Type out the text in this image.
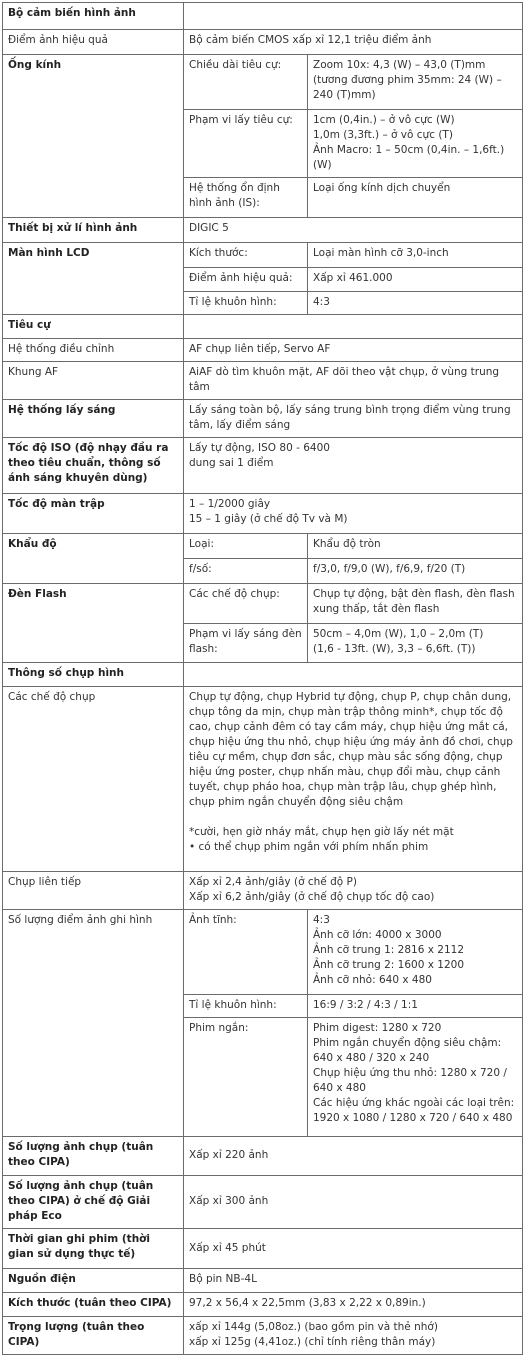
Bộ cảm biến hình ảnh		
Điểm ảnh hiệu quả	Bộ cảm biến CMOS xấp xỉ 12,1 triệu điểm ảnh	
Ống kính	Chiều dài tiêu cự:	Zoom 10x: 4,3 (W) – 43,0 (T)mm
(tương đương phim 35mm: 24 (W) – 240 (T)mm)
	Phạm vi lấy tiêu cự:	1cm (0,4in.) – ở vô cực (W)
1,0m (3,3ft.) – ở vô cực (T)
Ảnh Macro: 1 – 50cm (0,4in. – 1,6ft.) (W)
	Hệ thống ổn định hình ảnh (IS):	Loại ống kính dịch chuyển
Thiết bị xử lí hình ảnh	DIGIC 5	
Màn hình LCD	Kích thước:	Loại màn hình cỡ 3,0-inch
	Điểm ảnh hiệu quả:	Xấp xỉ 461.000
	Tỉ lệ khuôn hình:	4:3
Tiêu cự		
Hệ thống điều chỉnh	AF chụp liên tiếp, Servo AF	
Khung AF	AiAF dò tìm khuôn mặt, AF dõi theo vật chụp, ở vùng trung tâm	
Hệ thống lấy sáng	Lấy sáng toàn bộ, lấy sáng trung bình trọng điểm vùng trung tâm, lấy điểm sáng	
Tốc độ ISO (độ nhạy đầu ra theo tiêu chuẩn, thông số ánh sáng khuyên dùng)	Lấy tự động, ISO 80 - 6400
dung sai 1 điểm	
Tốc độ màn trập	1 – 1/2000 giây
15 – 1 giây (ở chế độ Tv và M)	
Khẩu độ	Loại:	Khẩu độ tròn
	f/số:	f/3,0, f/9,0 (W), f/6,9, f/20 (T)
Đèn Flash	Các chế độ chụp:	Chụp tự động, bật đèn flash, đèn flash xung thấp, tắt đèn flash
	Phạm vi lấy sáng đèn flash:	50cm – 4,0m (W), 1,0 – 2,0m (T)
(1,6 - 13ft. (W), 3,3 – 6,6ft. (T))
Thông số chụp hình		
Các chế độ chụp	Chụp tự động, chụp Hybrid tự động, chụp P, chụp chân dung, chụp tông da mịn, chụp màn trập thông minh*, chụp tốc độ cao, chụp cảnh đêm có tay cầm máy, chụp hiệu ứng mắt cá, chụp hiệu ứng thu nhỏ, chụp hiệu ứng máy ảnh đồ chơi, chụp tiêu cự mềm, chụp đơn sắc, chụp màu sắc sống động, chụp hiệu ứng poster, chụp nhấn màu, chụp đổi màu, chụp cảnh tuyết, chụp pháo hoa, chụp màn trập lâu, chụp ghép hình, chụp phim ngắn chuyển động siêu chậm

*cười, hẹn giờ nháy mắt, chụp hẹn giờ lấy nét mặt
• có thể chụp phim ngắn với phím nhấn phim	
Chụp liên tiếp	Xấp xỉ 2,4 ảnh/giây (ở chế độ P)
Xấp xỉ 6,2 ảnh/giây (ở chế độ chụp tốc độ cao)	
Số lượng điểm ảnh ghi hình	Ảnh tĩnh:	4:3
Ảnh cỡ lớn: 4000 x 3000
Ảnh cỡ trung 1: 2816 x 2112
Ảnh cỡ trung 2: 1600 x 1200
Ảnh cỡ nhỏ: 640 x 480
	Tỉ lệ khuôn hình:	16:9 / 3:2 / 4:3 / 1:1
	Phim ngắn:	Phim digest: 1280 x 720
Phim ngắn chuyển động siêu chậm: 640 x 480 / 320 x 240
Chụp hiệu ứng thu nhỏ: 1280 x 720 / 640 x 480
Các hiệu ứng khác ngoài các loại trên: 1920 x 1080 / 1280 x 720 / 640 x 480
Số lượng ảnh chụp (tuân theo CIPA)	Xấp xỉ 220 ảnh	
Số lượng ảnh chụp (tuân theo CIPA) ở chế độ Giải pháp Eco	Xấp xỉ 300 ảnh	
Thời gian ghi phim (thời gian sử dụng thực tế)	Xấp xỉ 45 phút	
Nguồn điện	Bộ pin NB-4L	
Kích thước (tuân theo CIPA)	97,2 x 56,4 x 22,5mm (3,83 x 2,22 x 0,89in.)	
Trọng lượng (tuân theo CIPA)	xấp xỉ 144g (5,08oz.) (bao gồm pin và thẻ nhớ)
xấp xỉ 125g (4,41oz.) (chỉ tính riêng thân máy)	
